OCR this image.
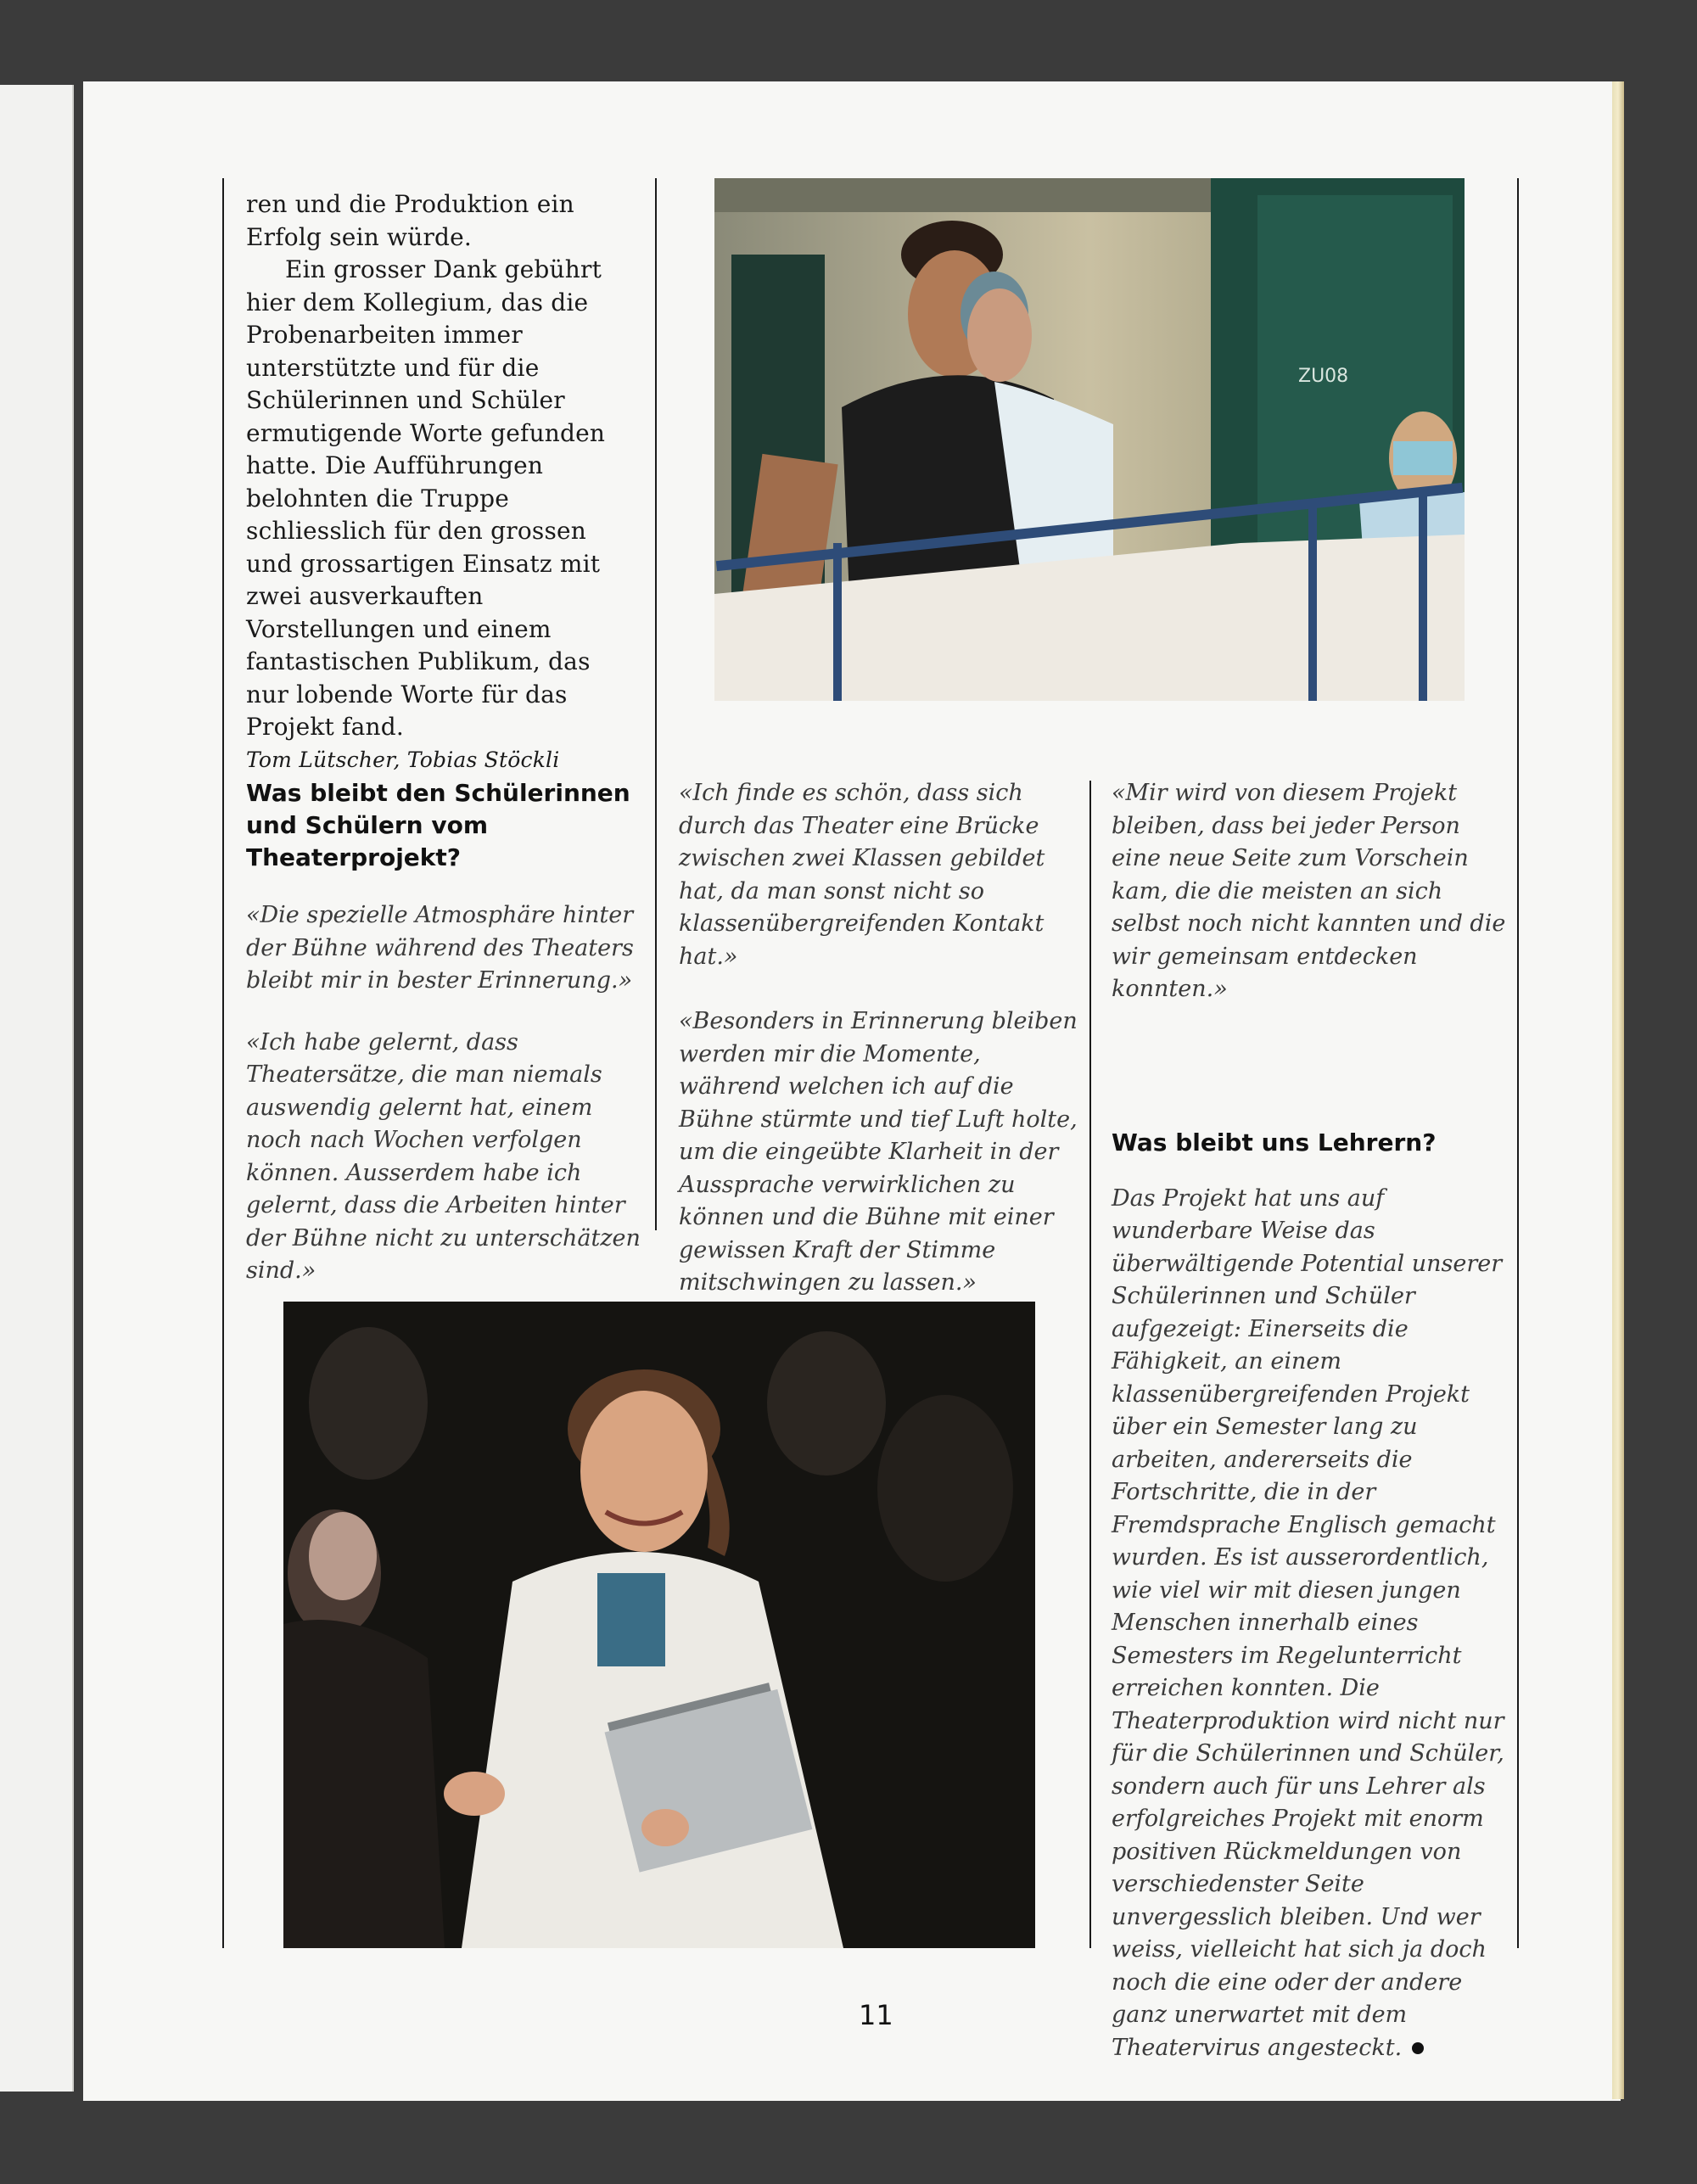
ren und die Produktion ein Erfolg sein würde.

Ein grosser Dank gebührt hier dem Kollegium, das die Probenarbeiten immer unterstützte und für die Schülerinnen und Schüler ermutigende Worte gefunden hatte. Die Aufführungen belohnten die Truppe schliesslich für den grossen und grossartigen Einsatz mit zwei ausverkauften Vorstellungen und einem fantastischen Publikum, das nur lobende Worte für das Projekt fand.

Tom Lütscher, Tobias Stöckli

ZU08
Was bleibt den Schülerinnen und Schülern vom Theaterprojekt?

«Die spezielle Atmosphäre hinter der Bühne während des Theaters bleibt mir in bester Erinnerung.»

«Ich habe gelernt, dass Theatersätze, die man niemals auswendig gelernt hat, einem noch nach Wochen verfolgen können. Ausserdem habe ich gelernt, dass die Arbeiten hinter der Bühne nicht zu unterschätzen sind.»

«Ich finde es schön, dass sich durch das Theater eine Brücke zwischen zwei Klassen gebildet hat, da man sonst nicht so klassenübergreifenden Kontakt hat.»

«Besonders in Erinnerung bleiben werden mir die Momente, während welchen ich auf die Bühne stürmte und tief Luft holte, um die eingeübte Klarheit in der Aussprache verwirklichen zu können und die Bühne mit einer gewissen Kraft der Stimme mitschwingen zu lassen.»

«Mir wird von diesem Projekt bleiben, dass bei jeder Person eine neue Seite zum Vorschein kam, die die meisten an sich selbst noch nicht kannten und die wir gemeinsam entdecken konnten.»

Was bleibt uns Lehrern?

Das Projekt hat uns auf wunderbare Weise das überwältigende Potential unserer Schülerinnen und Schüler aufgezeigt: Einerseits die Fähigkeit, an einem klassenübergreifenden Projekt über ein Semester lang zu arbeiten, andererseits die Fortschritte, die in der Fremdsprache Englisch gemacht wurden. Es ist ausserordentlich, wie viel wir mit diesen jungen Menschen innerhalb eines Semesters im Regelunterricht erreichen konnten. Die Theaterproduktion wird nicht nur für die Schülerinnen und Schüler, sondern auch für uns Lehrer als erfolgreiches Projekt mit enorm positiven Rückmeldungen von verschiedenster Seite unvergesslich bleiben. Und wer weiss, vielleicht hat sich ja doch noch die eine oder der andere ganz unerwartet mit dem Theatervirus angesteckt.

11
